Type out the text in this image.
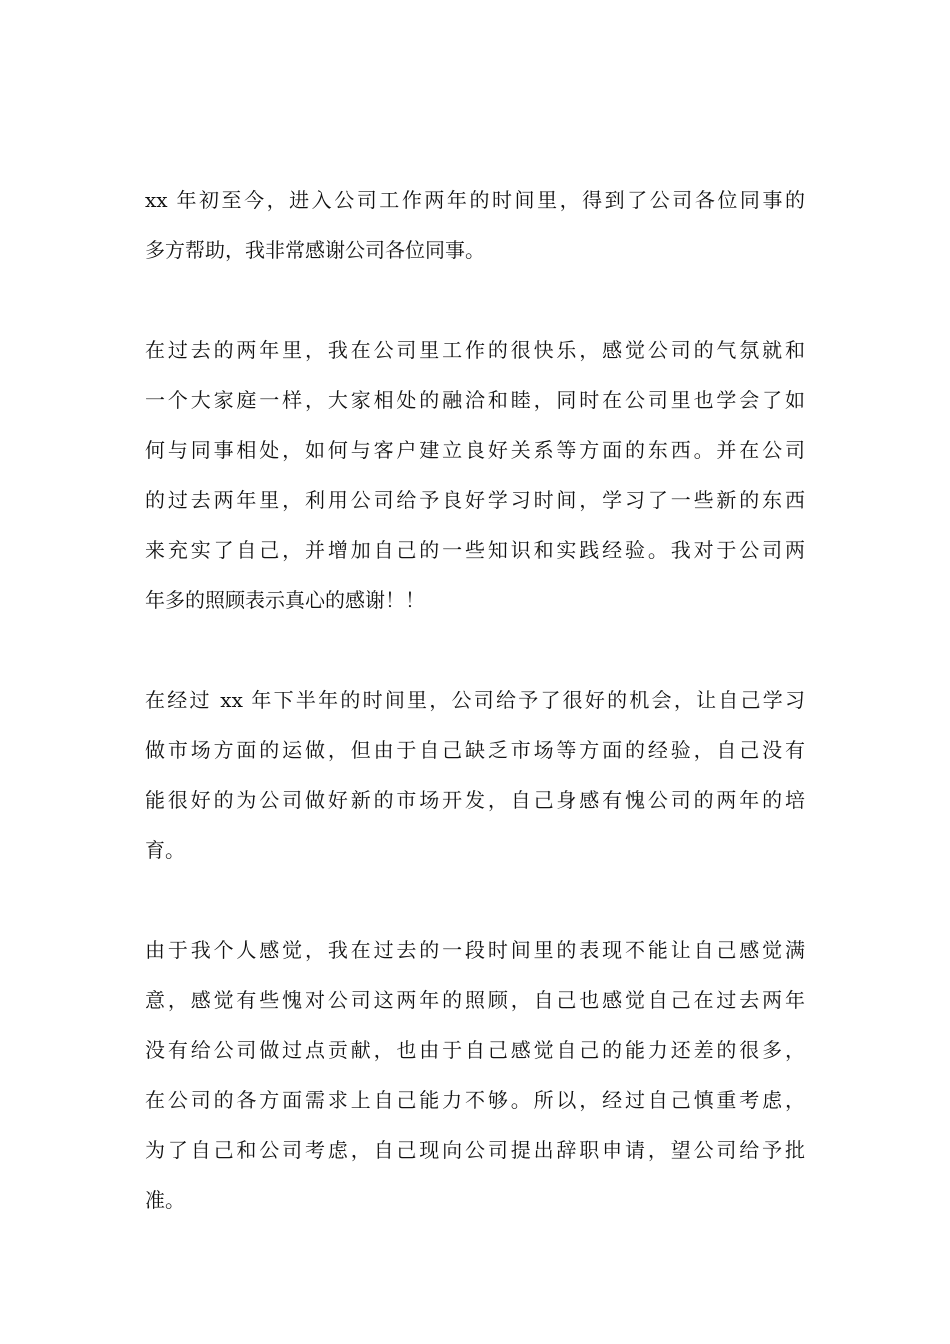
xx 年初至今，进入公司工作两年的时间里，得到了公司各位同事的
多方帮助，我非常感谢公司各位同事。
在过去的两年里，我在公司里工作的很快乐，感觉公司的气氛就和
一个大家庭一样，大家相处的融洽和睦，同时在公司里也学会了如
何与同事相处，如何与客户建立良好关系等方面的东西。并在公司
的过去两年里，利用公司给予良好学习时间，学习了一些新的东西
来充实了自己，并增加自己的一些知识和实践经验。我对于公司两
年多的照顾表示真心的感谢！！
在经过 xx 年下半年的时间里，公司给予了很好的机会，让自己学习
做市场方面的运做，但由于自己缺乏市场等方面的经验，自己没有
能很好的为公司做好新的市场开发，自己身感有愧公司的两年的培
育。
由于我个人感觉，我在过去的一段时间里的表现不能让自己感觉满
意，感觉有些愧对公司这两年的照顾，自己也感觉自己在过去两年
没有给公司做过点贡献，也由于自己感觉自己的能力还差的很多，
在公司的各方面需求上自己能力不够。所以，经过自己慎重考虑，
为了自己和公司考虑，自己现向公司提出辞职申请，望公司给予批
准。
